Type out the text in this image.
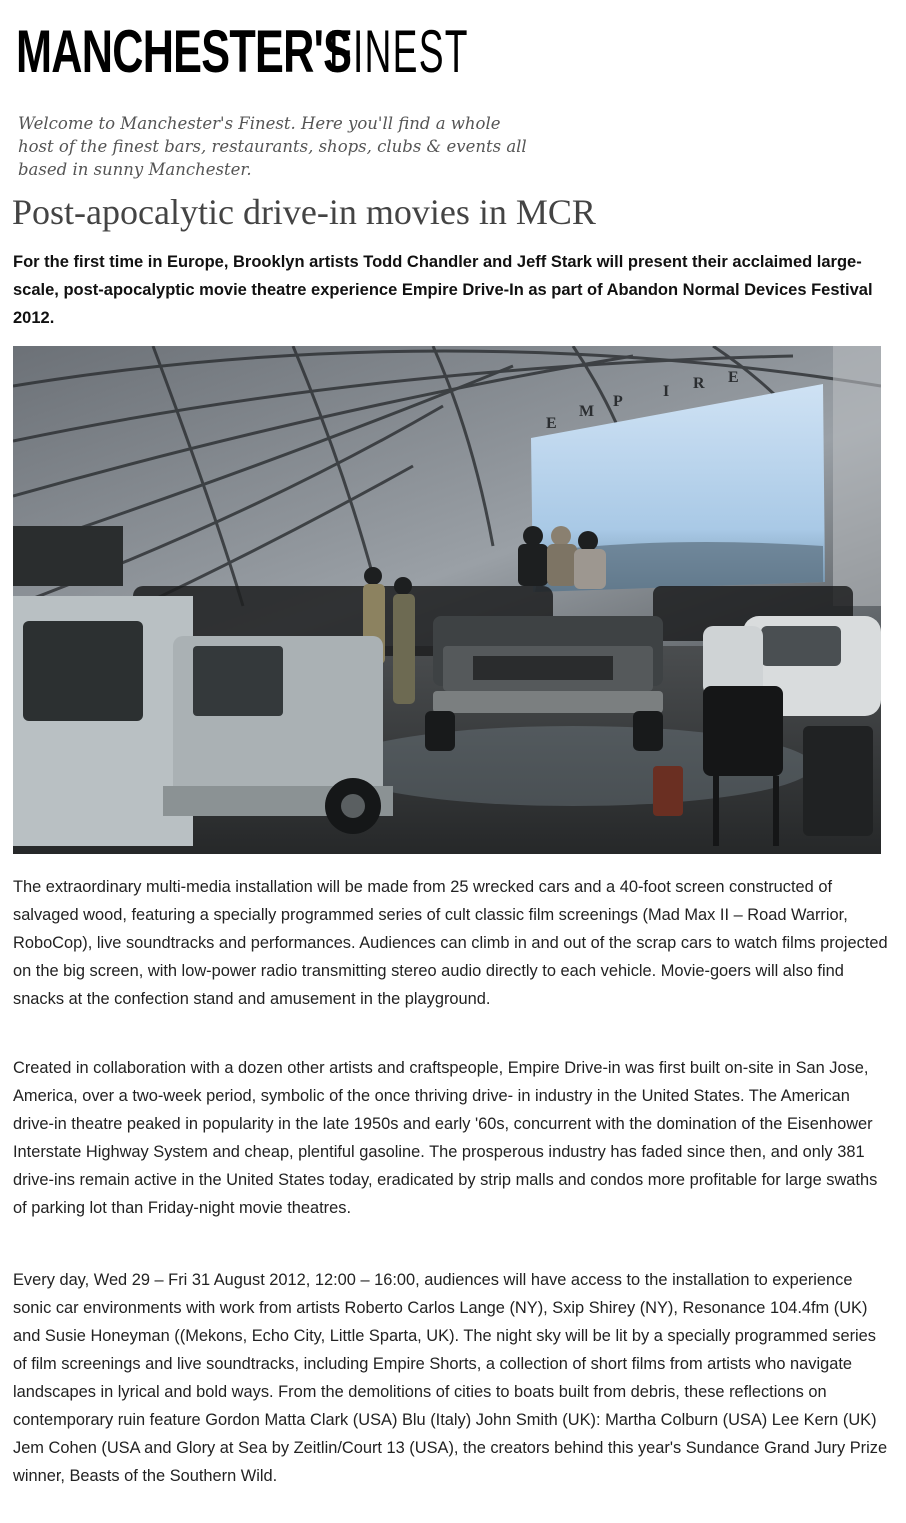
MANCHESTER'S
FINEST
Welcome to Manchester's Finest. Here you'll find a whole host of the finest bars, restaurants, shops, clubs & events all based in sunny Manchester.
Post-apocalytic drive-in movies in MCR

For the first time in Europe, Brooklyn artists Todd Chandler and Jeff Stark will present their acclaimed large-scale, post-apocalyptic movie theatre experience Empire Drive-In as part of Abandon Normal Devices Festival 2012.

E
M
P
I R E

The extraordinary multi-media installation will be made from 25 wrecked cars and a 40-foot screen constructed of salvaged wood, featuring a specially programmed series of cult classic film screenings (Mad Max II – Road Warrior, RoboCop), live soundtracks and performances. Audiences can climb in and out of the scrap cars to watch films projected on the big screen, with low-power radio transmitting stereo audio directly to each vehicle. Movie-goers will also find snacks at the confection stand and amusement in the playground.

Created in collaboration with a dozen other artists and craftspeople, Empire Drive-in was first built on-site in San Jose, America, over a two-week period, symbolic of the once thriving drive- in industry in the United States. The American drive-in theatre peaked in popularity in the late 1950s and early '60s, concurrent with the domination of the Eisenhower Interstate Highway System and cheap, plentiful gasoline. The prosperous industry has faded since then, and only 381 drive-ins remain active in the United States today, eradicated by strip malls and condos more profitable for large swaths of parking lot than Friday-night movie theatres.

Every day, Wed 29 – Fri 31 August 2012, 12:00 – 16:00, audiences will have access to the installation to experience sonic car environments with work from artists Roberto Carlos Lange (NY), Sxip Shirey (NY), Resonance 104.4fm (UK) and Susie Honeyman ((Mekons, Echo City, Little Sparta, UK). The night sky will be lit by a specially programmed series of film screenings and live soundtracks, including Empire Shorts, a collection of short films from artists who navigate landscapes in lyrical and bold ways. From the demolitions of cities to boats built from debris, these reflections on contemporary ruin feature Gordon Matta Clark (USA) Blu (Italy) John Smith (UK): Martha Colburn (USA) Lee Kern (UK) Jem Cohen (USA and Glory at Sea by Zeitlin/Court 13 (USA), the creators behind this year's Sundance Grand Jury Prize winner, Beasts of the Southern Wild.
